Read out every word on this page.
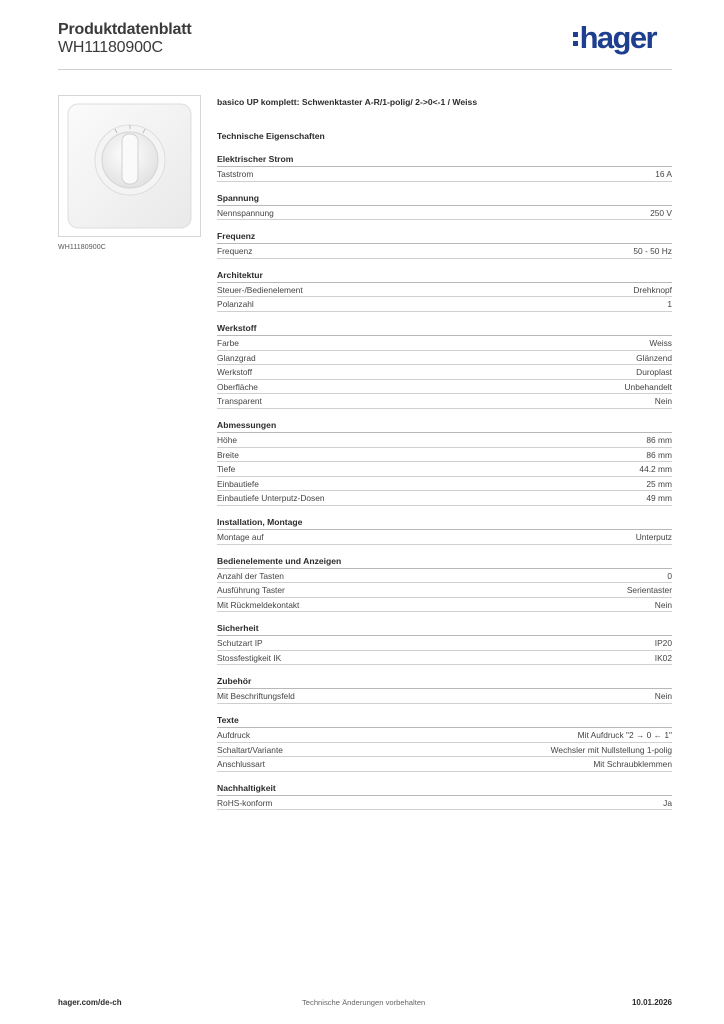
Produktdatenblatt
WH11180900C	hager
WH11180900C
basico UP komplett: Schwenktaster A-R/1-polig/ 2->0<-1 / Weiss
Technische Eigenschaften
Elektrischer Strom
Taststrom	16 A
Spannung
Nennspannung	250 V
Frequenz
Frequenz	50 - 50 Hz
Architektur
Steuer-/Bedienelement	Drehknopf
Polanzahl	1
Werkstoff
Farbe	Weiss
Glanzgrad	Glänzend
Werkstoff	Duroplast
Oberfläche	Unbehandelt
Transparent	Nein
Abmessungen
Höhe	86 mm
Breite	86 mm
Tiefe	44.2 mm
Einbautiefe	25 mm
Einbautiefe Unterputz-Dosen	49 mm
Installation, Montage
Montage auf	Unterputz
Bedienelemente und Anzeigen
Anzahl der Tasten	0
Ausführung Taster	Serientaster
Mit Rückmeldekontakt	Nein
Sicherheit
Schutzart IP	IP20
Stossfestigkeit IK	IK02
Zubehör
Mit Beschriftungsfeld	Nein
Texte
Aufdruck	Mit Aufdruck "2 → 0 ← 1"
Schaltart/Variante	Wechsler mit Nullstellung 1-polig
Anschlussart	Mit Schraubklemmen
Nachhaltigkeit
RoHS-konform	Ja
hager.com/de-ch	Technische Änderungen vorbehalten	10.01.2026
